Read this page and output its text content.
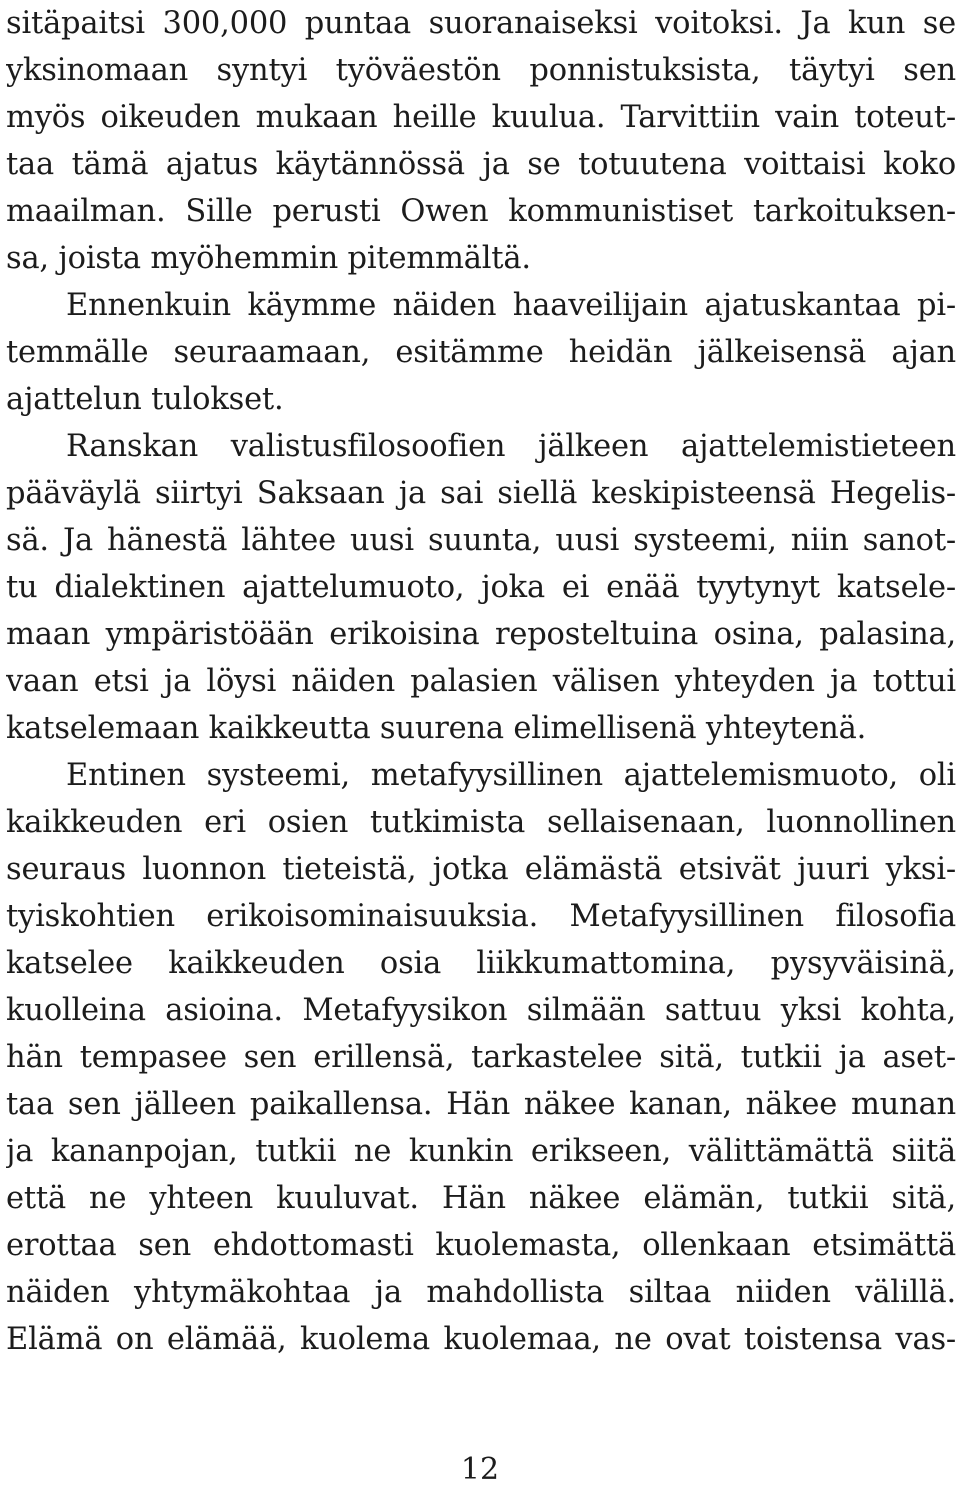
sitäpaitsi 300,000 puntaa suoranaiseksi voitoksi. Ja kun se
yksinomaan syntyi työväestön ponnistuksista, täytyi sen
myös oikeuden mukaan heille kuulua. Tarvittiin vain toteut-
taa tämä ajatus käytännössä ja se totuutena voittaisi koko
maailman. Sille perusti Owen kommunistiset tarkoituksen-
sa, joista myöhemmin pitemmältä.
Ennenkuin käymme näiden haaveilijain ajatuskantaa pi-
temmälle seuraamaan, esitämme heidän jälkeisensä ajan
ajattelun tulokset.
Ranskan valistusfilosoofien jälkeen ajattelemistieteen
pääväylä siirtyi Saksaan ja sai siellä keskipisteensä Hegelis-
sä. Ja hänestä lähtee uusi suunta, uusi systeemi, niin sanot-
tu dialektinen ajattelumuoto, joka ei enää tyytynyt katsele-
maan ympäristöään erikoisina reposteltuina osina, palasina,
vaan etsi ja löysi näiden palasien välisen yhteyden ja tottui
katselemaan kaikkeutta suurena elimellisenä yhteytenä.
Entinen systeemi, metafyysillinen ajattelemismuoto, oli
kaikkeuden eri osien tutkimista sellaisenaan, luonnollinen
seuraus luonnon tieteistä, jotka elämästä etsivät juuri yksi-
tyiskohtien erikoisominaisuuksia. Metafyysillinen filosofia
katselee kaikkeuden osia liikkumattomina, pysyväisinä,
kuolleina asioina. Metafyysikon silmään sattuu yksi kohta,
hän tempasee sen erillensä, tarkastelee sitä, tutkii ja aset-
taa sen jälleen paikallensa. Hän näkee kanan, näkee munan
ja kananpojan, tutkii ne kunkin erikseen, välittämättä siitä
että ne yhteen kuuluvat. Hän näkee elämän, tutkii sitä,
erottaa sen ehdottomasti kuolemasta, ollenkaan etsimättä
näiden yhtymäkohtaa ja mahdollista siltaa niiden välillä.
Elämä on elämää, kuolema kuolemaa, ne ovat toistensa vas-
12
